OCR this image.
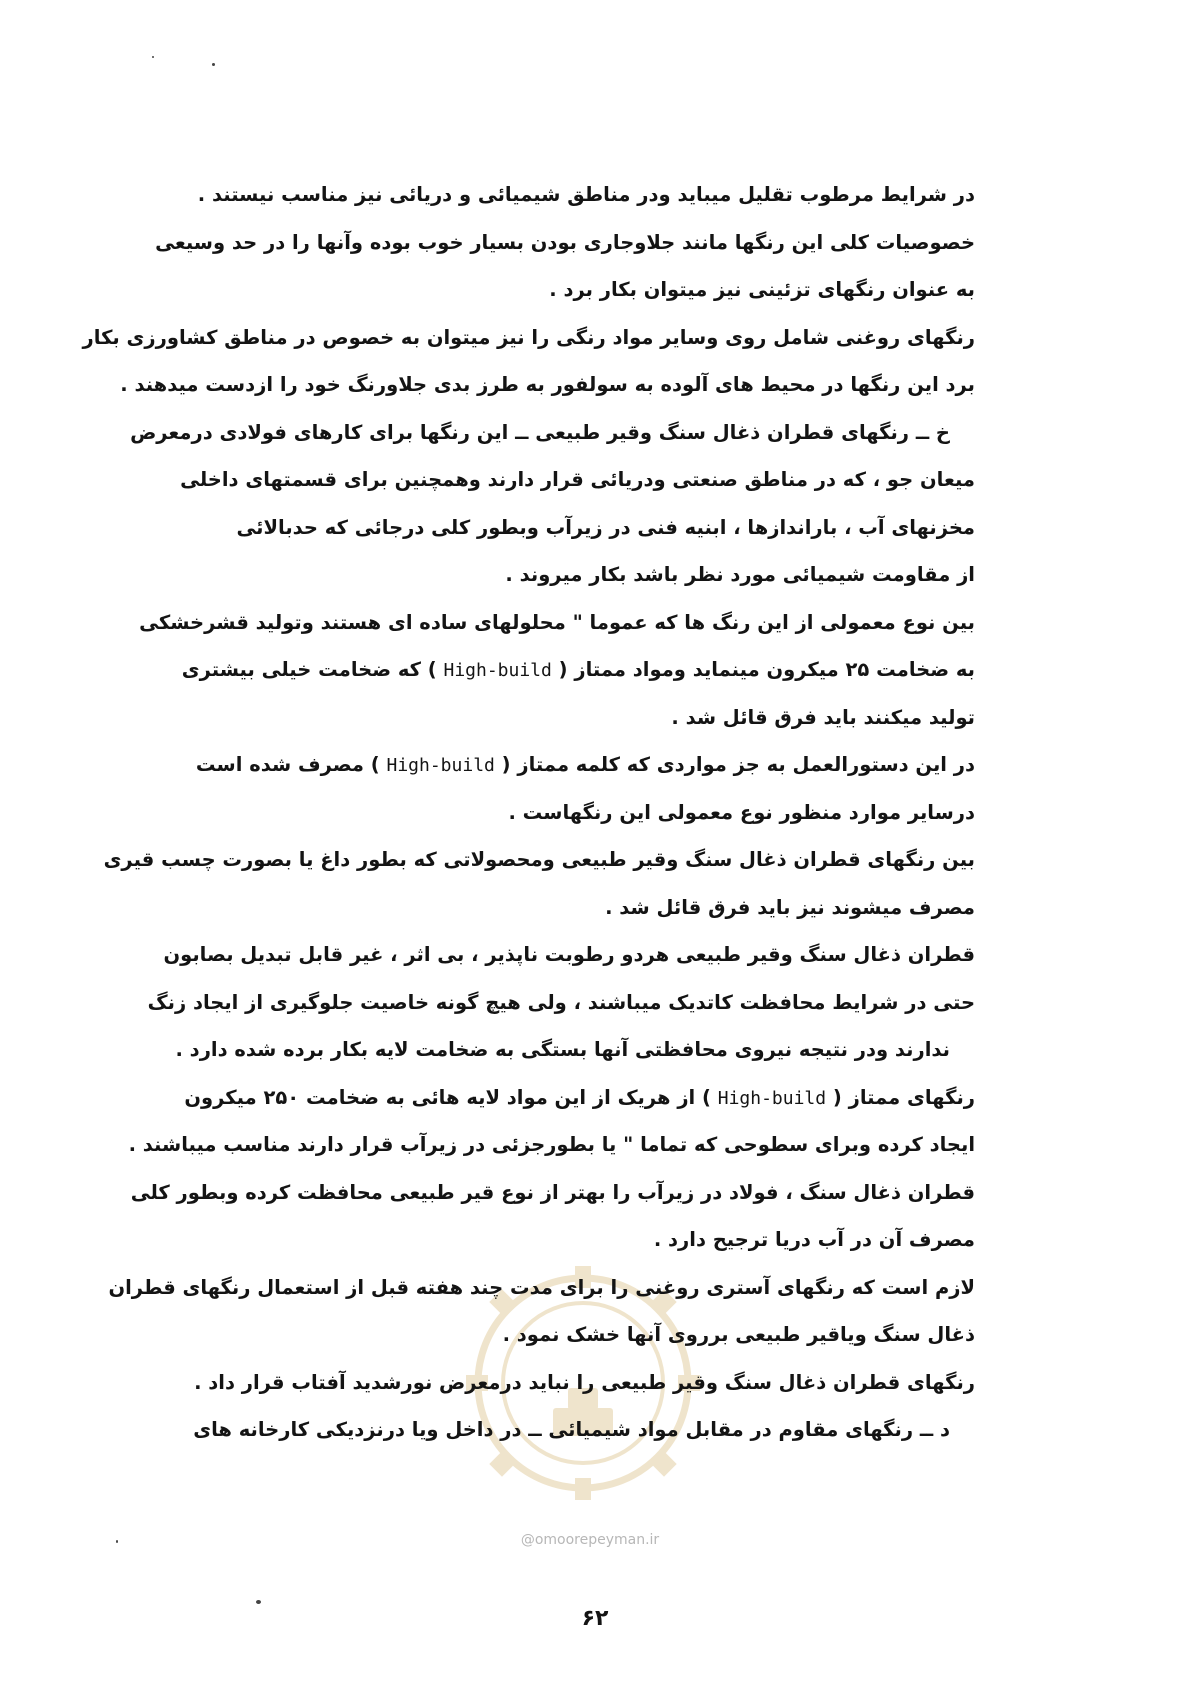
@omoorepeyman.ir
در شرایط مرطوب تقلیل میباید ودر مناطق شیمیائی و دریائی نیز مناسب نیستند .
خصوصیات کلی این رنگها مانند جلاوجاری بودن بسیار خوب بوده وآنها را در حد وسیعی
به عنوان رنگهای تزئینی نیز میتوان بکار برد .
رنگهای روغنی شامل روی وسایر مواد رنگی را نیز میتوان به خصوص در مناطق کشاورزی بکار
برد این رنگها در محیط های آلوده به سولفور به طرز بدی جلاورنگ خود را ازدست میدهند .
خ ــ رنگهای قطران ذغال سنگ وقیر طبیعی ــ این رنگها برای کارهای فولادی درمعرض
میعان جو ، که در مناطق صنعتی ودریائی قرار دارند وهمچنین برای قسمتهای داخلی
مخزنهای آب ، باراندازها ، ابنیه فنی در زیرآب وبطور کلی درجائی که حدبالائی
از مقاومت شیمیائی مورد نظر باشد بکار میروند .
بین نوع معمولی از این رنگ ها که عموما " محلولهای ساده ای هستند وتولید قشرخشکی
به ضخامت ۲۵ میکرون مینماید ومواد ممتاز ( High-build ) که ضخامت خیلی بیشتری
تولید میکنند باید فرق قائل شد .
در این دستورالعمل به جز مواردی که کلمه ممتاز ( High-build ) مصرف شده است
درسایر موارد منظور نوع معمولی این رنگهاست .
بین رنگهای قطران ذغال سنگ وقیر طبیعی ومحصولاتی که بطور داغ یا بصورت چسب قیری
مصرف میشوند نیز باید فرق قائل شد .
قطران ذغال سنگ وقیر طبیعی هردو رطوبت ناپذیر ، بی اثر ، غیر قابل تبدیل بصابون
حتی در شرایط محافظت کاتدیک میباشند ، ولی هیچ گونه خاصیت جلوگیری از ایجاد زنگ
ندارند ودر نتیجه نیروی محافظتی آنها بستگی به ضخامت لایه بکار برده شده دارد .
رنگهای ممتاز ( High-build ) از هریک از این مواد لایه هائی به ضخامت ۲۵۰ میکرون
ایجاد کرده وبرای سطوحی که تماما " یا بطورجزئی در زیرآب قرار دارند مناسب میباشند .
قطران ذغال سنگ ، فولاد در زیرآب را بهتر از نوع قیر طبیعی محافظت کرده وبطور کلی
مصرف آن در آب دریا ترجیح دارد .
لازم است که رنگهای آستری روغنی را برای مدت چند هفته قبل از استعمال رنگهای قطران
ذغال سنگ ویاقیر طبیعی برروی آنها خشک نمود .
رنگهای قطران ذغال سنگ وقیر طبیعی را نباید درمعرض نورشدید آفتاب قرار داد .
د ــ رنگهای مقاوم در مقابل مواد شیمیائی ــ در داخل ویا درنزدیکی کارخانه های
۶۲
